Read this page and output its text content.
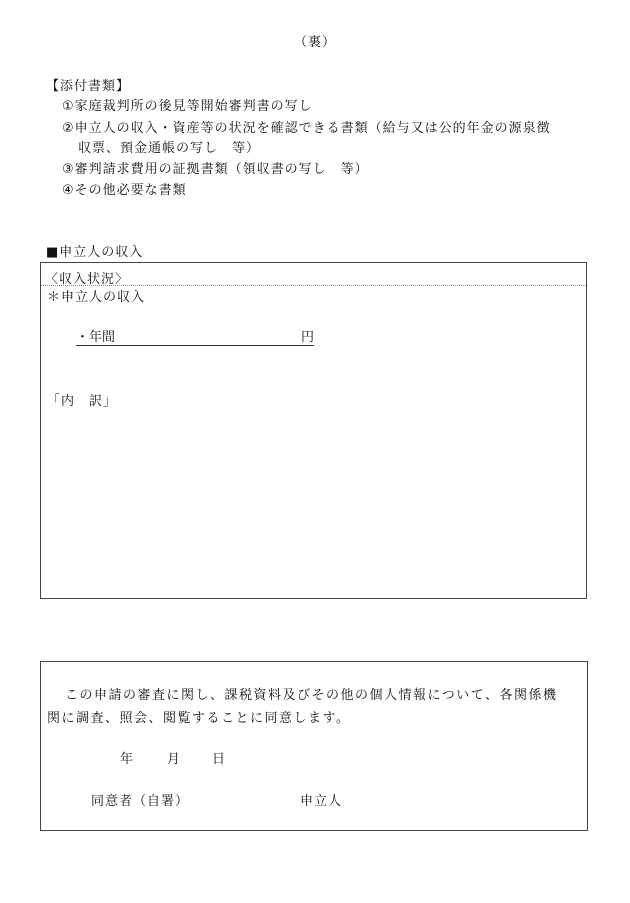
（裏）
【添付書類】
①家庭裁判所の後見等開始審判書の写し
②申立人の収入・資産等の状況を確認できる書類（給与又は公的年金の源泉徴
収票、預金通帳の写し　等）
③審判請求費用の証拠書類（領収書の写し　等）
④その他必要な書類
■申立人の収入
〈収入状況〉
＊申立人の収入
「内　訳」
・年間	円
この申請の審査に関し、課税資料及びその他の個人情報について、各関係機
関に調査、照会、閲覧することに同意します。
年	月 日
同意者（自署）	申立人
